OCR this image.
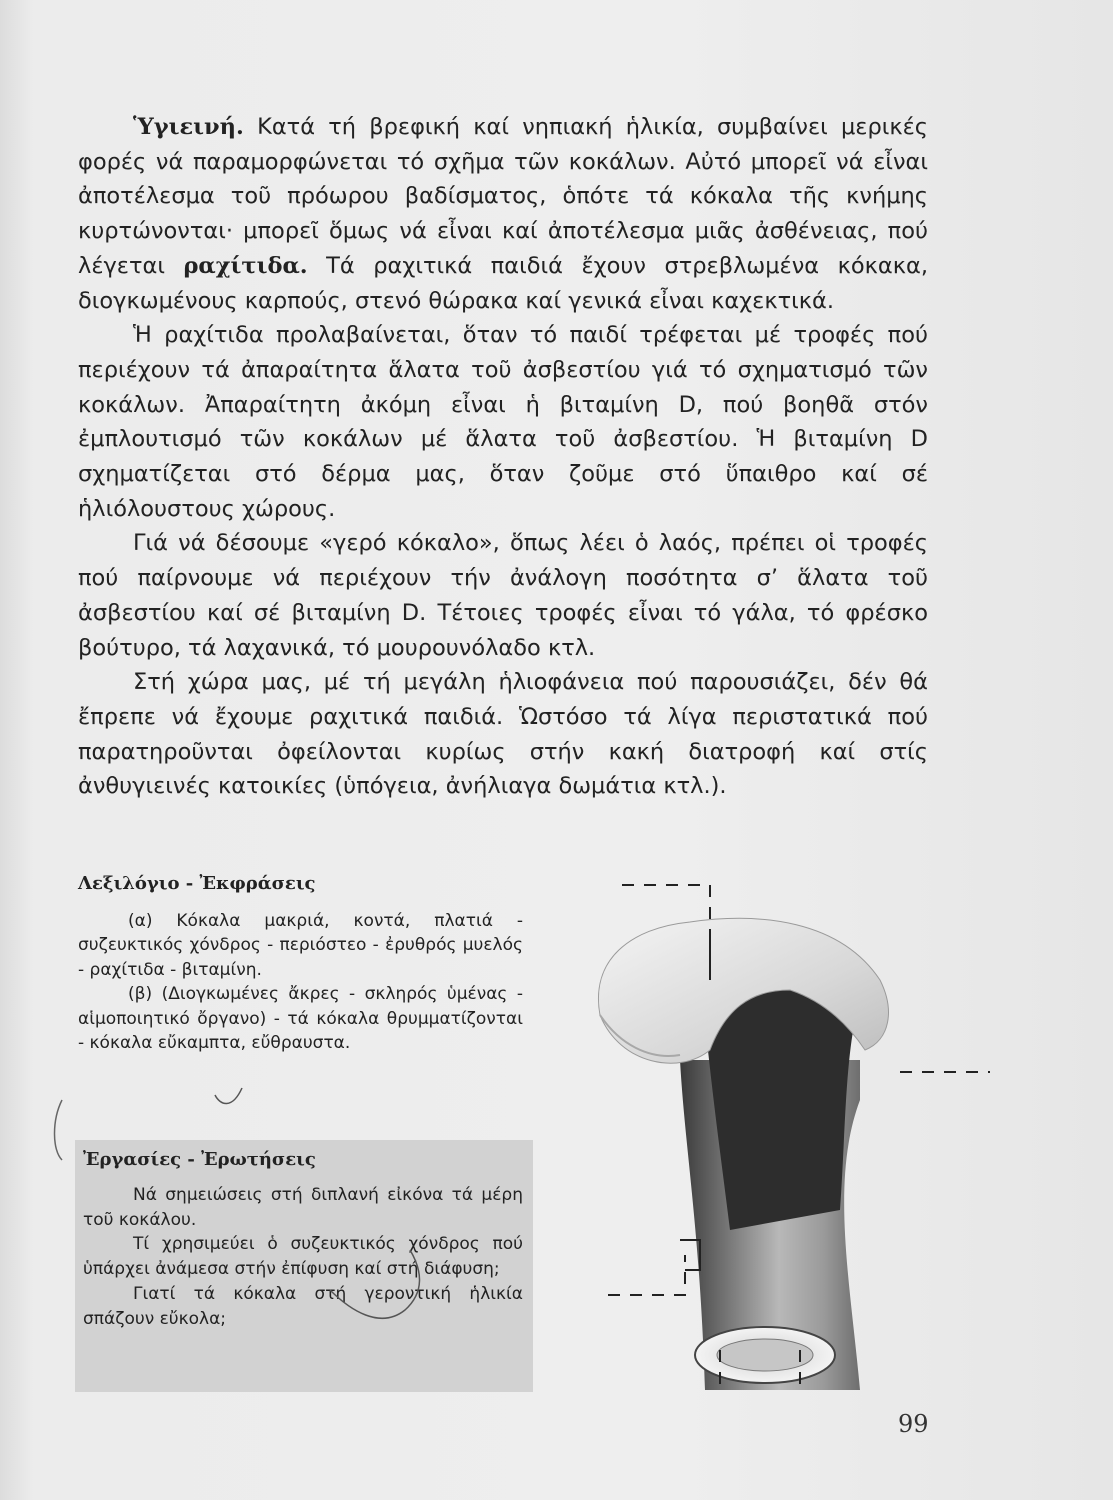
Ὑγιεινή. Κατά τή βρεφική καί νηπιακή ἡλικία, συμβαίνει μερικές φορές νά παραμορφώνεται τό σχῆμα τῶν κοκάλων. Αὐτό μπορεῖ νά εἶναι ἀποτέλεσμα τοῦ πρόωρου βαδίσματος, ὁπότε τά κόκαλα τῆς κνήμης κυρτώνονται· μπορεῖ ὅμως νά εἶναι καί ἀποτέλεσμα μιᾶς ἀσθένειας, πού λέγεται ραχίτιδα. Τά ραχιτικά παιδιά ἔχουν στρεβλωμένα κόκακα, διογκωμένους καρπούς, στενό θώρακα καί γενικά εἶναι καχεκτικά.

Ἡ ραχίτιδα προλαβαίνεται, ὅταν τό παιδί τρέφεται μέ τροφές πού περιέχουν τά ἀπαραίτητα ἅλατα τοῦ ἀσβεστίου γιά τό σχηματισμό τῶν κοκάλων. Ἀπαραίτητη ἀκόμη εἶναι ἡ βιταμίνη D, πού βοηθᾶ στόν ἐμπλουτισμό τῶν κοκάλων μέ ἅλατα τοῦ ἀσβεστίου. Ἡ βιταμίνη D σχηματίζεται στό δέρμα μας, ὅταν ζοῦμε στό ὕπαιθρο καί σέ ἡλιόλουστους χώρους.

Γιά νά δέσουμε «γερό κόκαλο», ὅπως λέει ὁ λαός, πρέπει οἱ τροφές πού παίρνουμε νά περιέχουν τήν ἀνάλογη ποσότητα σ’ ἅλατα τοῦ ἀσβεστίου καί σέ βιταμίνη D. Τέτοιες τροφές εἶναι τό γάλα, τό φρέσκο βούτυρο, τά λαχανικά, τό μουρουνόλαδο κτλ.

Στή χώρα μας, μέ τή μεγάλη ἡλιοφάνεια πού παρουσιάζει, δέν θά ἔπρεπε νά ἔχουμε ραχιτικά παιδιά. Ὡστόσο τά λίγα περιστατικά πού παρατηροῦνται ὀφείλονται κυρίως στήν κακή διατροφή καί στίς ἀνθυγιεινές κατοικίες (ὑπόγεια, ἀνήλιαγα δωμάτια κτλ.).

Λεξιλόγιο - Ἐκφράσεις

(α) Κόκαλα μακριά, κοντά, πλατιά - συζευκτικός χόνδρος - περιόστεο - ἐρυθρός μυελός - ραχίτιδα - βιταμίνη.

(β) (Διογκωμένες ἄκρες - σκληρός ὑμένας - αἱμοποιητικό ὄργανο) - τά κόκαλα θρυμματίζονται - κόκαλα εὔκαμπτα, εὔθραυστα.

Ἐργασίες - Ἐρωτήσεις

Νά σημειώσεις στή διπλανή εἰκόνα τά μέρη τοῦ κοκάλου.

Τί χρησιμεύει ὁ συζευκτικός χόνδρος πού ὑπάρχει ἀνάμεσα στήν ἐπίφυση καί στή διάφυση;

Γιατί τά κόκαλα στή γεροντική ἡλικία σπάζουν εὔκολα;

99
